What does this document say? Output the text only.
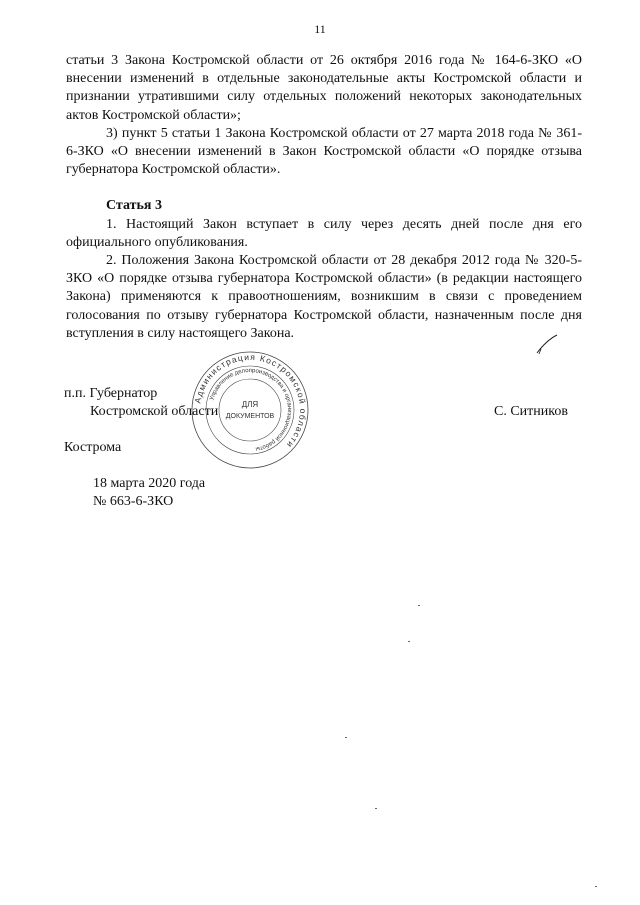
11

статьи 3 Закона Костромской области от 26 октября 2016 года № 164-6-ЗКО «О внесении изменений в отдельные законодательные акты Костромской области и признании утратившими силу отдельных положений некоторых законодательных актов Костромской области»;

3) пункт 5 статьи 1 Закона Костромской области от 27 марта 2018 года № 361-6-ЗКО «О внесении изменений в Закон Костромской области «О порядке отзыва губернатора Костромской области».

Статья 3

1. Настоящий Закон вступает в силу через десять дней после дня его официального опубликования.

2. Положения Закона Костромской области от 28 декабря 2012 года № 320-5-ЗКО «О порядке отзыва губернатора Костромской области» (в редакции настоящего Закона) применяются к правоотношениям, возникшим в связи с проведением голосования по отзыву губернатора Костромской области, назначенным после дня вступления в силу настоящего Закона.

п.п. Губернатор
Костромской области	С. Ситников
Администрация Костромской области
Управление делопроизводства и организационной работы
ДЛЯ
ДОКУМЕНТОВ
Кострома
18 марта 2020 года
№ 663-6-ЗКО
